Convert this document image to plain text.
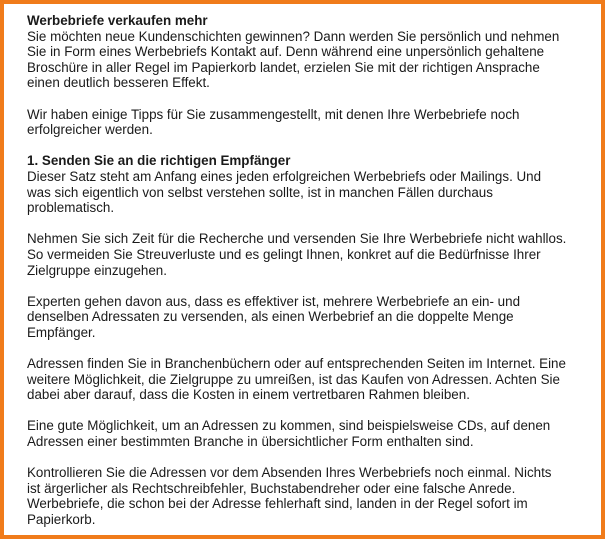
Werbebriefe verkaufen mehr

Sie möchten neue Kundenschichten gewinnen? Dann werden Sie persönlich und nehmen Sie in Form eines Werbebriefs Kontakt auf. Denn während eine unpersönlich gehaltene Broschüre in aller Regel im Papierkorb landet, erzielen Sie mit der richtigen Ansprache einen deutlich besseren Effekt.

Wir haben einige Tipps für Sie zusammengestellt, mit denen Ihre Werbebriefe noch erfolgreicher werden.

1. Senden Sie an die richtigen Empfänger

Dieser Satz steht am Anfang eines jeden erfolgreichen Werbebriefs oder Mailings. Und was sich eigentlich von selbst verstehen sollte, ist in manchen Fällen durchaus problematisch.

Nehmen Sie sich Zeit für die Recherche und versenden Sie Ihre Werbebriefe nicht wahllos. So vermeiden Sie Streuverluste und es gelingt Ihnen, konkret auf die Bedürfnisse Ihrer Zielgruppe einzugehen.

Experten gehen davon aus, dass es effektiver ist, mehrere Werbebriefe an ein- und denselben Adressaten zu versenden, als einen Werbebrief an die doppelte Menge Empfänger.

Adressen finden Sie in Branchenbüchern oder auf entsprechenden Seiten im Internet. Eine weitere Möglichkeit, die Zielgruppe zu umreißen, ist das Kaufen von Adressen. Achten Sie dabei aber darauf, dass die Kosten in einem vertretbaren Rahmen bleiben.

Eine gute Möglichkeit, um an Adressen zu kommen, sind beispielsweise CDs, auf denen Adressen einer bestimmten Branche in übersichtlicher Form enthalten sind.

Kontrollieren Sie die Adressen vor dem Absenden Ihres Werbebriefs noch einmal. Nichts ist ärgerlicher als Rechtschreibfehler, Buchstabendreher oder eine falsche Anrede. Werbebriefe, die schon bei der Adresse fehlerhaft sind, landen in der Regel sofort im Papierkorb.
